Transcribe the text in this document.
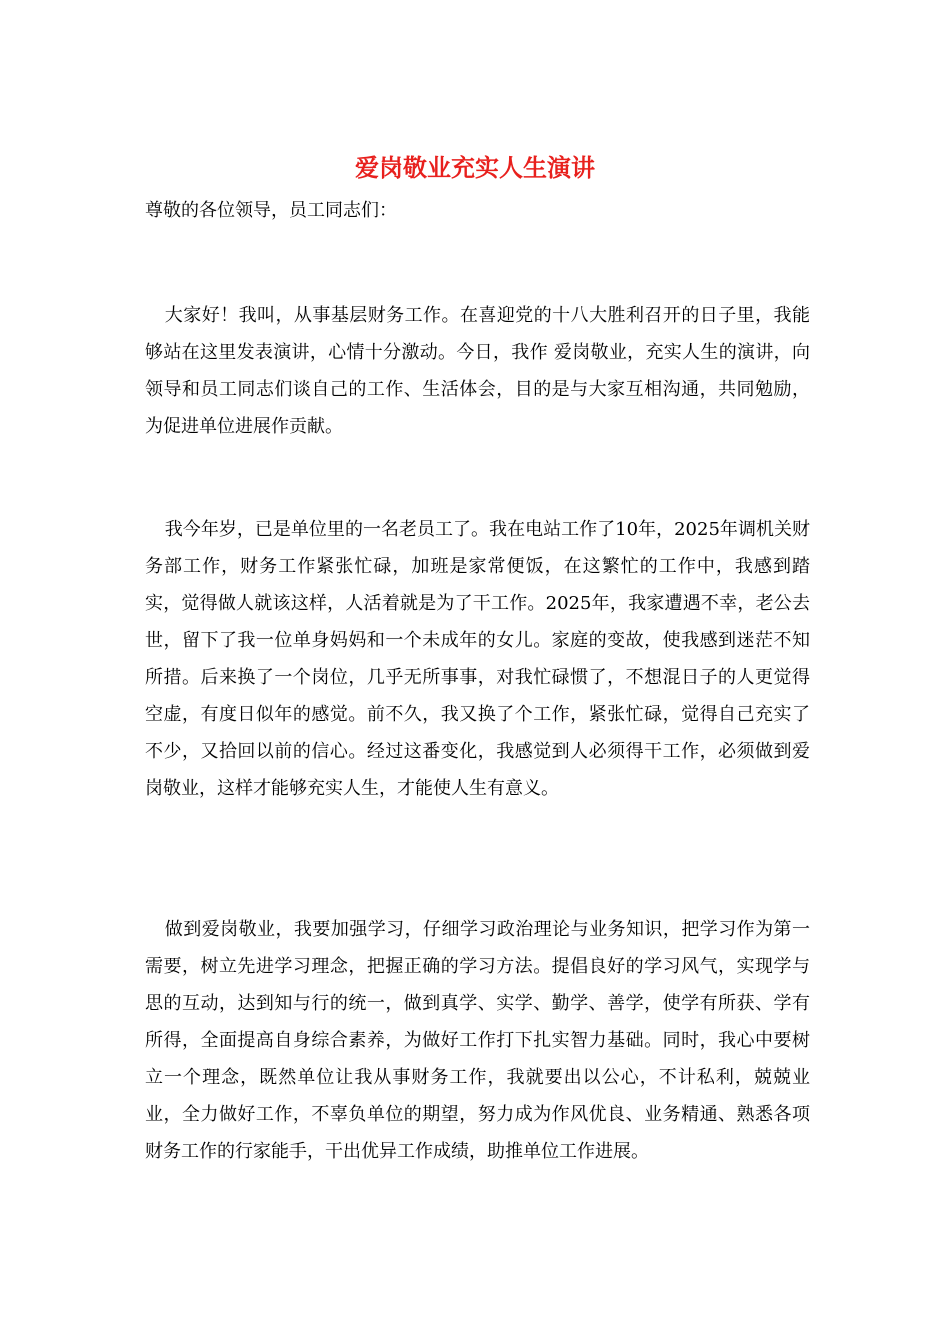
爱岗敬业充实人生演讲

尊敬的各位领导，员工同志们：

大家好！我叫，从事基层财务工作。在喜迎党的十八大胜利召开的日子里，我能够站在这里发表演讲，心情十分激动。今日，我作 爱岗敬业，充实人生的演讲，向领导和员工同志们谈自己的工作、生活体会，目的是与大家互相沟通，共同勉励，为促进单位进展作贡献。

我今年岁，已是单位里的一名老员工了。我在电站工作了10年，2025年调机关财务部工作，财务工作紧张忙碌，加班是家常便饭，在这繁忙的工作中，我感到踏实，觉得做人就该这样，人活着就是为了干工作。2025年，我家遭遇不幸，老公去世，留下了我一位单身妈妈和一个未成年的女儿。家庭的变故，使我感到迷茫不知所措。后来换了一个岗位，几乎无所事事，对我忙碌惯了，不想混日子的人更觉得空虚，有度日似年的感觉。前不久，我又换了个工作，紧张忙碌，觉得自己充实了不少，又拾回以前的信心。经过这番变化，我感觉到人必须得干工作，必须做到爱岗敬业，这样才能够充实人生，才能使人生有意义。

做到爱岗敬业，我要加强学习，仔细学习政治理论与业务知识，把学习作为第一需要，树立先进学习理念，把握正确的学习方法。提倡良好的学习风气，实现学与思的互动，达到知与行的统一，做到真学、实学、勤学、善学，使学有所获、学有所得，全面提高自身综合素养，为做好工作打下扎实智力基础。同时，我心中要树立一个理念，既然单位让我从事财务工作，我就要出以公心，不计私利，兢兢业业，全力做好工作，不辜负单位的期望，努力成为作风优良、业务精通、熟悉各项财务工作的行家能手，干出优异工作成绩，助推单位工作进展。
